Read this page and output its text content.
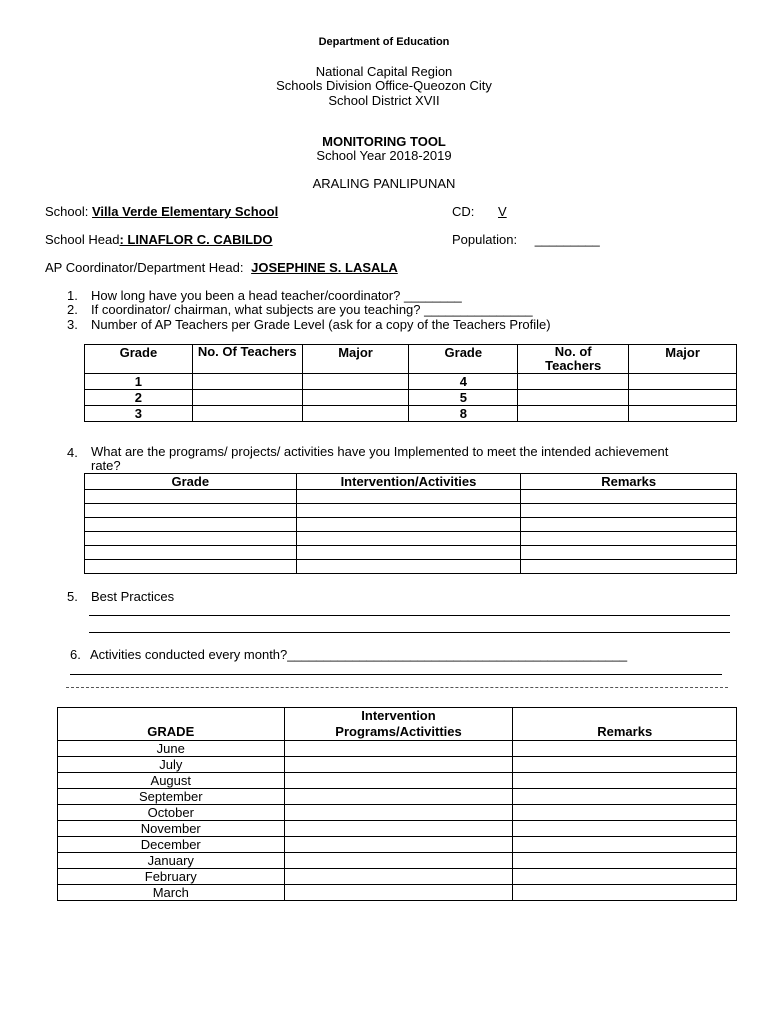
Department of Education
National Capital Region
Schools Division Office-Queozon City
School District XVII
MONITORING TOOL
School Year 2018-2019
ARALING PANLIPUNAN
School: Villa Verde Elementary School	CD: V
School Head: LINAFLOR C. CABILDO	Population: _________
AP Coordinator/Department Head: JOSEPHINE S. LASALA
1. How long have you been a head teacher/coordinator? ________
2. If coordinator/ chairman, what subjects are you teaching? _______________
3. Number of AP Teachers per Grade Level (ask for a copy of the Teachers Profile)
Grade	No. Of Teachers	Major	Grade	No. of Teachers	Major
1			4		
2			5		
3			8		
4. What are the programs/ projects/ activities have you Implemented to meet the intended achievement rate?
Grade	Intervention/Activities	Remarks

5. Best Practices
6. Activities conducted every month?_______________________________________________
GRADE	Intervention Programs/Activitties	Remarks
June		
July		
August		
September		
October		
November		
December		
January		
February		
March		
